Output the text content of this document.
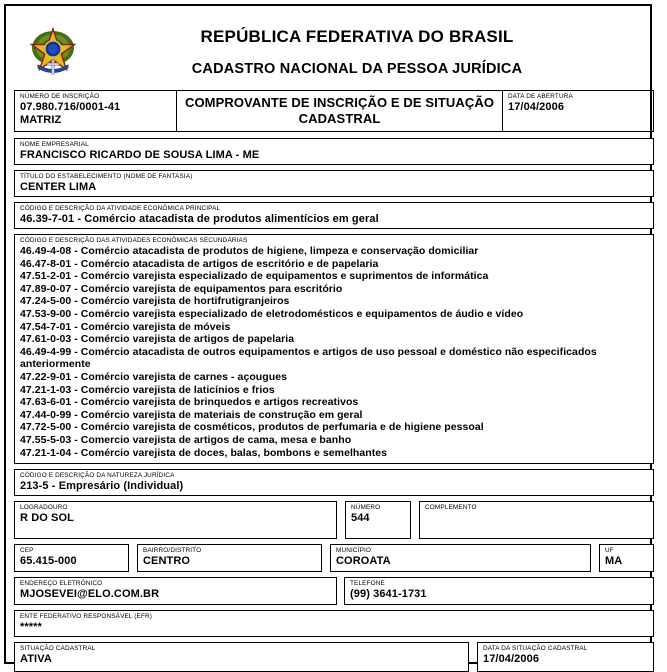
REPÚBLICA FEDERATIVA DO BRASIL
CADASTRO NACIONAL DA PESSOA JURÍDICA
NÚMERO DE INSCRIÇÃO
07.980.716/0001-41
MATRIZ
COMPROVANTE DE INSCRIÇÃO E DE SITUAÇÃO CADASTRAL
DATA DE ABERTURA
17/04/2006
NOME EMPRESARIAL
FRANCISCO RICARDO DE SOUSA LIMA - ME
TÍTULO DO ESTABELECIMENTO (NOME DE FANTASIA)
CENTER LIMA
CÓDIGO E DESCRIÇÃO DA ATIVIDADE ECONÔMICA PRINCIPAL
46.39-7-01 - Comércio atacadista de produtos alimentícios em geral
CÓDIGO E DESCRIÇÃO DAS ATIVIDADES ECONÔMICAS SECUNDÁRIAS
46.49-4-08 - Comércio atacadista de produtos de higiene, limpeza e conservação domiciliar
46.47-8-01 - Comércio atacadista de artigos de escritório e de papelaria
47.51-2-01 - Comércio varejista especializado de equipamentos e suprimentos de informática
47.89-0-07 - Comércio varejista de equipamentos para escritório
47.24-5-00 - Comércio varejista de hortifrutigranjeiros
47.53-9-00 - Comércio varejista especializado de eletrodomésticos e equipamentos de áudio e vídeo
47.54-7-01 - Comércio varejista de móveis
47.61-0-03 - Comércio varejista de artigos de papelaria
46.49-4-99 - Comércio atacadista de outros equipamentos e artigos de uso pessoal e doméstico não especificados anteriormente
47.22-9-01 - Comércio varejista de carnes - açougues
47.21-1-03 - Comércio varejista de laticínios e frios
47.63-6-01 - Comércio varejista de brinquedos e artigos recreativos
47.44-0-99 - Comércio varejista de materiais de construção em geral
47.72-5-00 - Comércio varejista de cosméticos, produtos de perfumaria e de higiene pessoal
47.55-5-03 - Comercio varejista de artigos de cama, mesa e banho
47.21-1-04 - Comércio varejista de doces, balas, bombons e semelhantes
CÓDIGO E DESCRIÇÃO DA NATUREZA JURÍDICA
213-5 - Empresário (Individual)
LOGRADOURO
R DO SOL
NÚMERO
544
COMPLEMENTO
CEP
65.415-000
BAIRRO/DISTRITO
CENTRO
MUNICÍPIO
COROATA
UF
MA
ENDEREÇO ELETRÔNICO
MJOSEVEI@ELO.COM.BR
TELEFONE
(99) 3641-1731
ENTE FEDERATIVO RESPONSÁVEL (EFR)
*****
SITUAÇÃO CADASTRAL
ATIVA
DATA DA SITUAÇÃO CADASTRAL
17/04/2006
